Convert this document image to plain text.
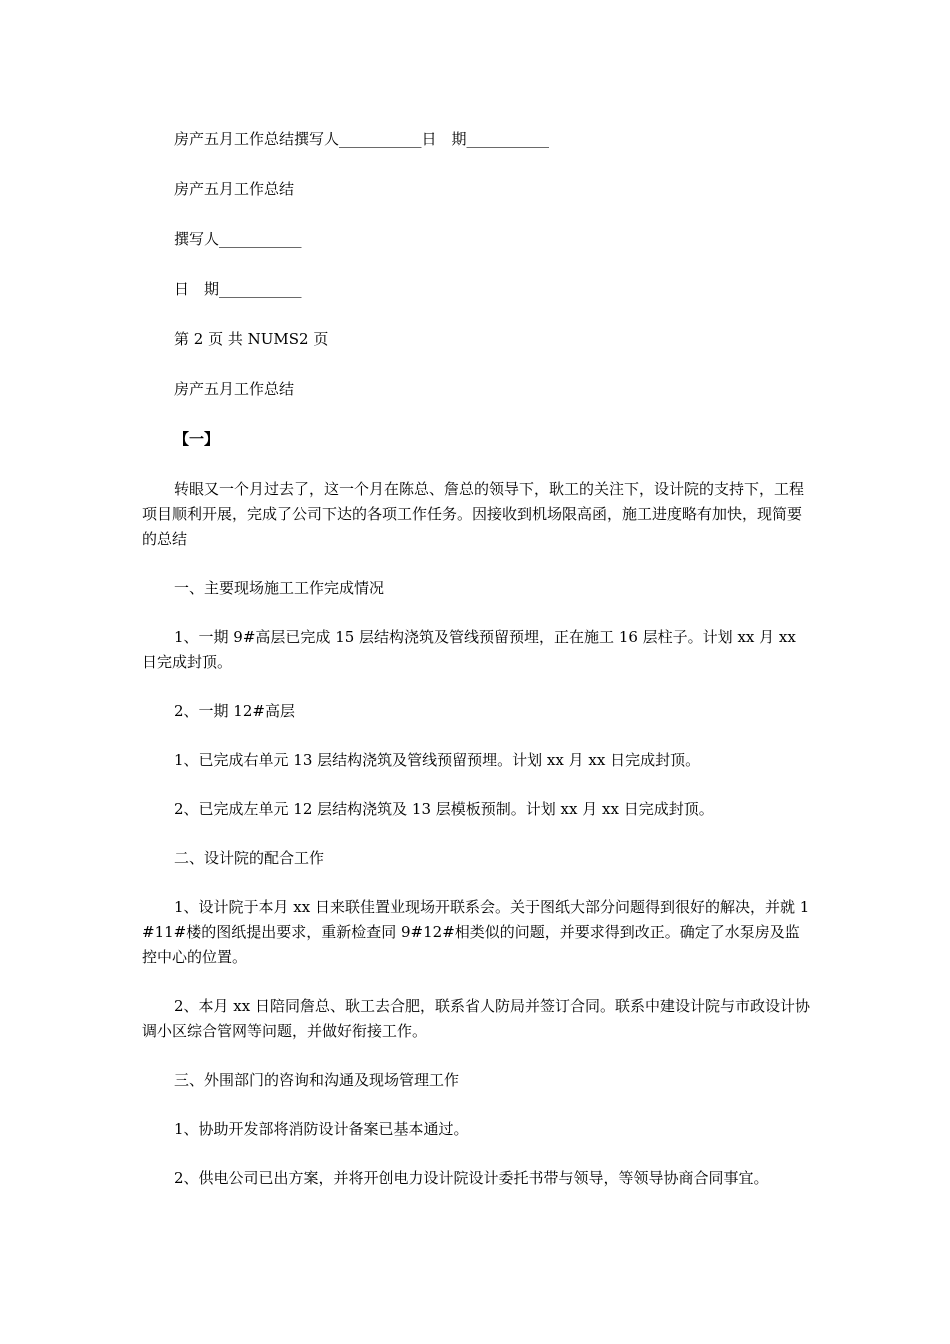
房产五月工作总结撰写人___________日　期___________

房产五月工作总结

撰写人___________

日　期___________

第 2 页 共 NUMS2 页

房产五月工作总结

【一】

转眼又一个月过去了，这一个月在陈总、詹总的领导下，耿工的关注下，设计院的支持下，工程项目顺利开展，完成了公司下达的各项工作任务。因接收到机场限高函，施工进度略有加快，现简要的总结

一、主要现场施工工作完成情况

1、一期 9#高层已完成 15 层结构浇筑及管线预留预埋，正在施工 16 层柱子。计划 xx 月 xx 日完成封顶。

2、一期 12#高层

1、已完成右单元 13 层结构浇筑及管线预留预埋。计划 xx 月 xx 日完成封顶。

2、已完成左单元 12 层结构浇筑及 13 层模板预制。计划 xx 月 xx 日完成封顶。

二、设计院的配合工作

1、设计院于本月 xx 日来联佳置业现场开联系会。关于图纸大部分问题得到很好的解决，并就 1#11#楼的图纸提出要求，重新检查同 9#12#相类似的问题，并要求得到改正。确定了水泵房及监控中心的位置。

2、本月 xx 日陪同詹总、耿工去合肥，联系省人防局并签订合同。联系中建设计院与市政设计协调小区综合管网等问题，并做好衔接工作。

三、外围部门的咨询和沟通及现场管理工作

1、协助开发部将消防设计备案已基本通过。

2、供电公司已出方案，并将开创电力设计院设计委托书带与领导，等领导协商合同事宜。
